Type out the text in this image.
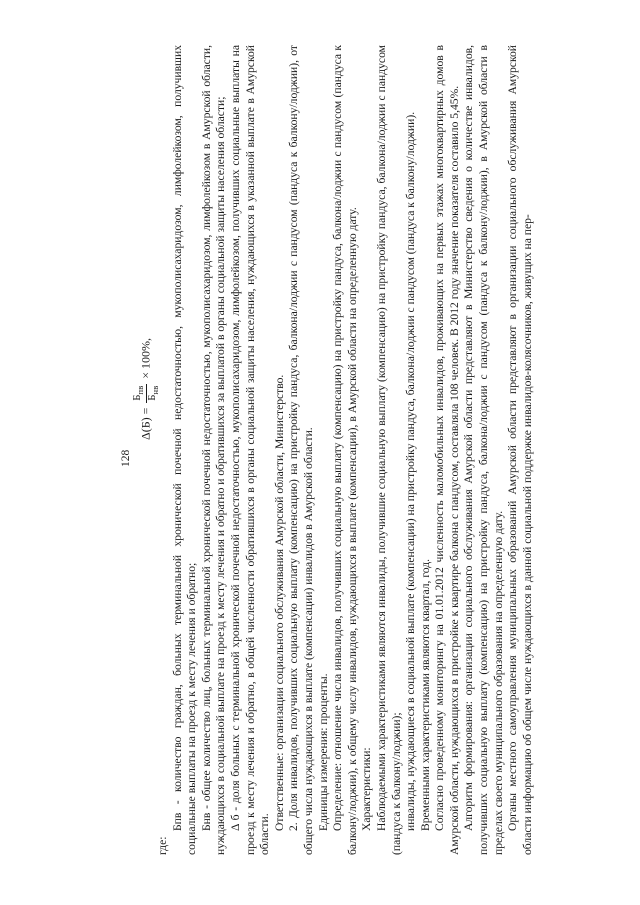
128
Δ(Б) =
$Б_{пв}$
$Б_{нв}$
× 100%,

где:

Бпв - количество граждан, больных терминальной хронической почечной недостаточностью, мукополисахаридозом, лимфолейкозом, получивших социальные выплаты на проезд к месту лечения и обратно; Бнв - общее количество лиц, больных терминальной хронической почечной недостаточностью, мукополисахаридозом, лимфолейкозом в Амурской области, нуждающихся в социальной выплате на проезд к месту лечения и обратно и обратившихся за выплатой в органы социальной защиты населения области; Δ б - доля больных с терминальной хронической почечной недостаточностью, мукополисахаридозом, лимфолейкозом, получивших социальные выплаты на проезд к месту лечения и обратно, в общей численности обратившихся в органы социальной защиты населения, нуждающихся в указанной выплате в Амурской области.

Ответственные: организации социального обслуживания Амурской области, Министерство. 2. Доля инвалидов, получивших социальную выплату (компенсацию) на пристройку пандуса, балкона/лоджии с пандусом (пандуса к балкону/лоджии), от общего числа нуждающихся в выплате (компенсации) инвалидов в Амурской области. Единицы измерения: проценты. Определение: отношение числа инвалидов, получивших социальную выплату (компенсацию) на пристройку пандуса, балкона/лоджии с пандусом (пандуса к балкону/лоджии), к общему числу инвалидов, нуждающихся в выплате (компенсации), в Амурской области на определенную дату. Характеристики: Наблюдаемыми характеристиками являются инвалиды, получившие социальную выплату (компенсацию) на пристройку пандуса, балкона/лоджии с пандусом (пандуса к балкону/лоджии); инвалиды, нуждающиеся в социальной выплате (компенсации) на пристройку пандуса, балкона/лоджии с пандусом (пандуса к балкону/лоджии). Временными характеристиками являются квартал, год. Согласно проведенному мониторингу на 01.01.2012 численность маломобильных инвалидов, проживающих на первых этажах многоквартирных домов в Амурской области, нуждающихся в пристройке к квартире балкона с пандусом, составляла 108 человек. В 2012 году значение показателя составило 5,45%. Алгоритм формирования: организации социального обслуживания Амурской области представляют в Министерство сведения о количестве инвалидов, получивших социальную выплату (компенсацию) на пристройку пандуса, балкона/лоджии с пандусом (пандуса к балкону/лоджии), в Амурской области в пределах своего муниципального образования на определенную дату. Органы местного самоуправления муниципальных образований Амурской области представляют в организации социального обслуживания Амурской области информацию об общем числе нуждающихся в данной социальной поддержке инвалидов-колясочников, живущих на пер-
